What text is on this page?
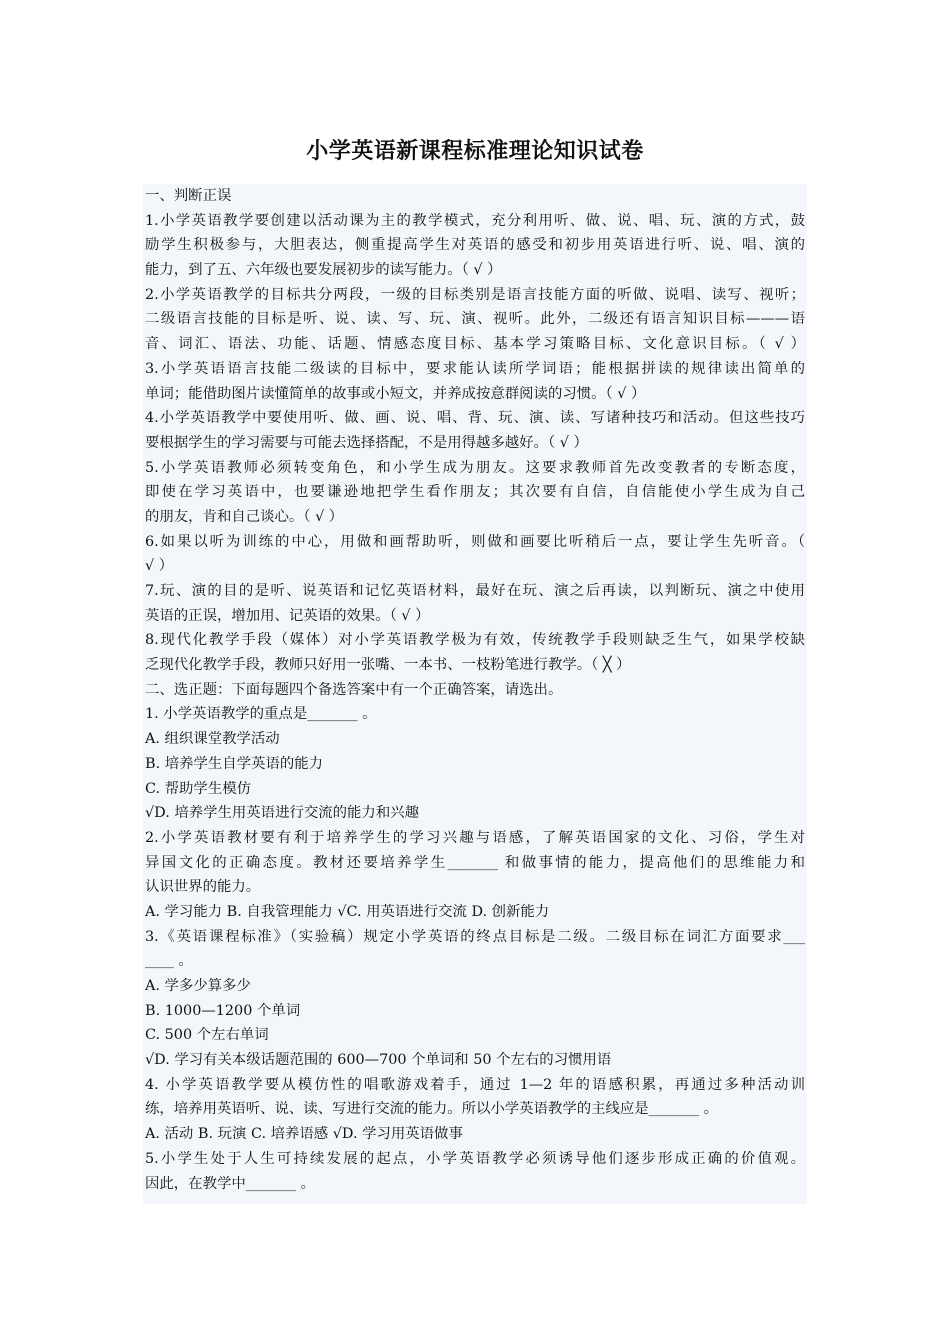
小学英语新课程标准理论知识试卷
一、判断正误
1.小学英语教学要创建以活动课为主的教学模式，充分利用听、做、说、唱、玩、演的方式，鼓
励学生积极参与，大胆表达，侧重提高学生对英语的感受和初步用英语进行听、说、唱、演的
能力，到了五、六年级也要发展初步的读写能力。（ √ ）
2.小学英语教学的目标共分两段，一级的目标类别是语言技能方面的听做、说唱、读写、视听；
二级语言技能的目标是听、说、读、写、玩、演、视听。此外，二级还有语言知识目标———语
音、词汇、语法、功能、话题、情感态度目标、基本学习策略目标、文化意识目标。（ √ ）
3.小学英语语言技能二级读的目标中，要求能认读所学词语；能根据拼读的规律读出简单的
单词；能借助图片读懂简单的故事或小短文，并养成按意群阅读的习惯。（ √ ）
4.小学英语教学中要使用听、做、画、说、唱、背、玩、演、读、写诸种技巧和活动。但这些技巧
要根据学生的学习需要与可能去选择搭配，不是用得越多越好。（ √ ）
5.小学英语教师必须转变角色，和小学生成为朋友。这要求教师首先改变教者的专断态度，
即使在学习英语中，也要谦逊地把学生看作朋友；其次要有自信，自信能使小学生成为自己
的朋友，肯和自己谈心。（ √ ）
6.如果以听为训练的中心，用做和画帮助听，则做和画要比听稍后一点，要让学生先听音。（
√ ）
7.玩、演的目的是听、说英语和记忆英语材料，最好在玩、演之后再读，以判断玩、演之中使用
英语的正误，增加用、记英语的效果。（ √ ）
8.现代化教学手段（媒体）对小学英语教学极为有效，传统教学手段则缺乏生气，如果学校缺
乏现代化教学手段，教师只好用一张嘴、一本书、一枝粉笔进行教学。（ ╳ ）
二、选正题：下面每题四个备选答案中有一个正确答案，请选出。
1. 小学英语教学的重点是_______ 。
A. 组织课堂教学活动
B. 培养学生自学英语的能力
C. 帮助学生模仿
√D. 培养学生用英语进行交流的能力和兴趣
2.小学英语教材要有利于培养学生的学习兴趣与语感，了解英语国家的文化、习俗，学生对
异国文化的正确态度。教材还要培养学生_______ 和做事情的能力，提高他们的思维能力和
认识世界的能力。
A. 学习能力 B. 自我管理能力 √C. 用英语进行交流 D. 创新能力
3.《英语课程标准》（实验稿）规定小学英语的终点目标是二级。二级目标在词汇方面要求___
____ 。
A. 学多少算多少
B. 1000—1200 个单词
C. 500 个左右单词
√D. 学习有关本级话题范围的 600—700 个单词和 50 个左右的习惯用语
4. 小学英语教学要从模仿性的唱歌游戏着手，通过 1—2 年的语感积累，再通过多种活动训
练，培养用英语听、说、读、写进行交流的能力。所以小学英语教学的主线应是_______ 。
A. 活动 B. 玩演 C. 培养语感 √D. 学习用英语做事
5.小学生处于人生可持续发展的起点，小学英语教学必须诱导他们逐步形成正确的价值观。
因此，在教学中_______ 。
